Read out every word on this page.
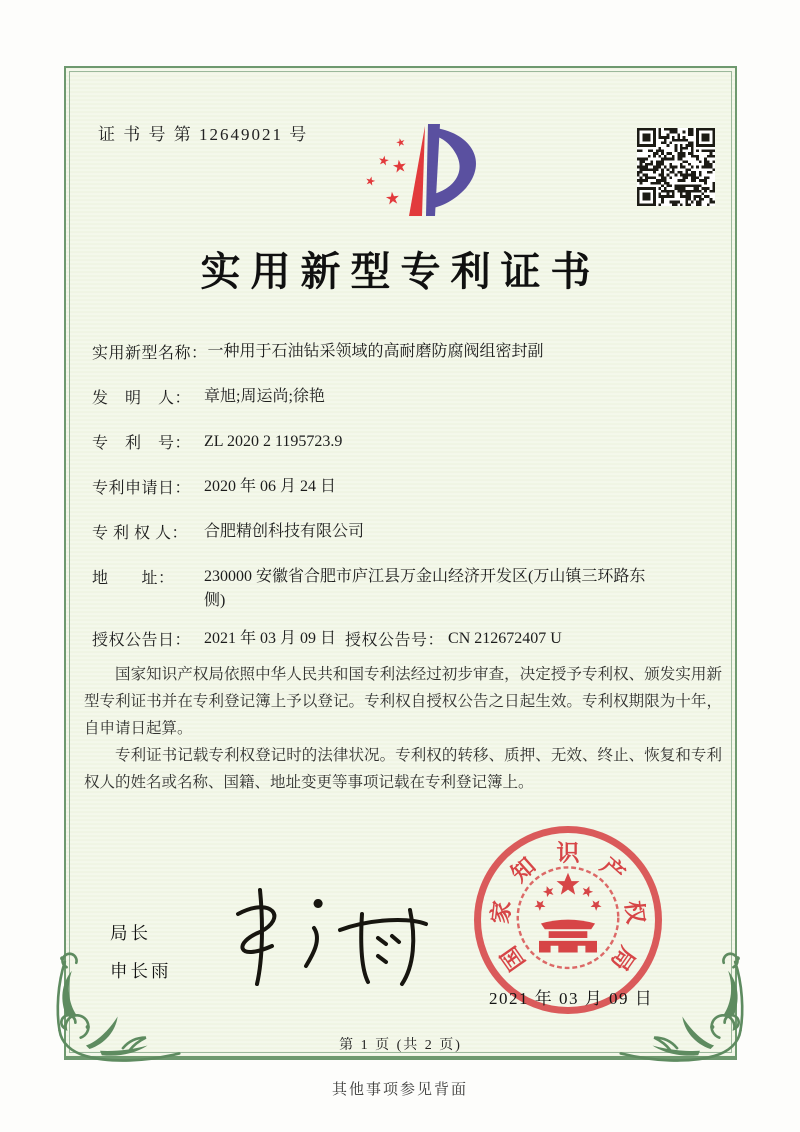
证 书 号 第 12649021 号	★
★ ★
★
★
实用新型专利证书
实用新型名称：一种用于石油钻采领域的高耐磨防腐阀组密封副
发　明　人： 章旭;周运尚;徐艳
专　利　号： ZL 2020 2 1195723.9
专利申请日： 2020 年 06 月 24 日
专 利 权 人： 合肥精创科技有限公司
地　　址： 230000 安徽省合肥市庐江县万金山经济开发区(万山镇三环路东侧)
授权公告日： 2021 年 03 月 09 日 授权公告号： CN 212672407 U

国家知识产权局依照中华人民共和国专利法经过初步审查，决定授予专利权、颁发实用新型专利证书并在专利登记簿上予以登记。专利权自授权公告之日起生效。专利权期限为十年，自申请日起算。

专利证书记载专利权登记时的法律状况。专利权的转移、质押、无效、终止、恢复和专利权人的姓名或名称、国籍、地址变更等事项记载在专利登记簿上。

局长
申长雨	国
家
知 识 产
权
局
2021 年 03 月 09 日
第 1 页 (共 2 页)
其他事项参见背面
